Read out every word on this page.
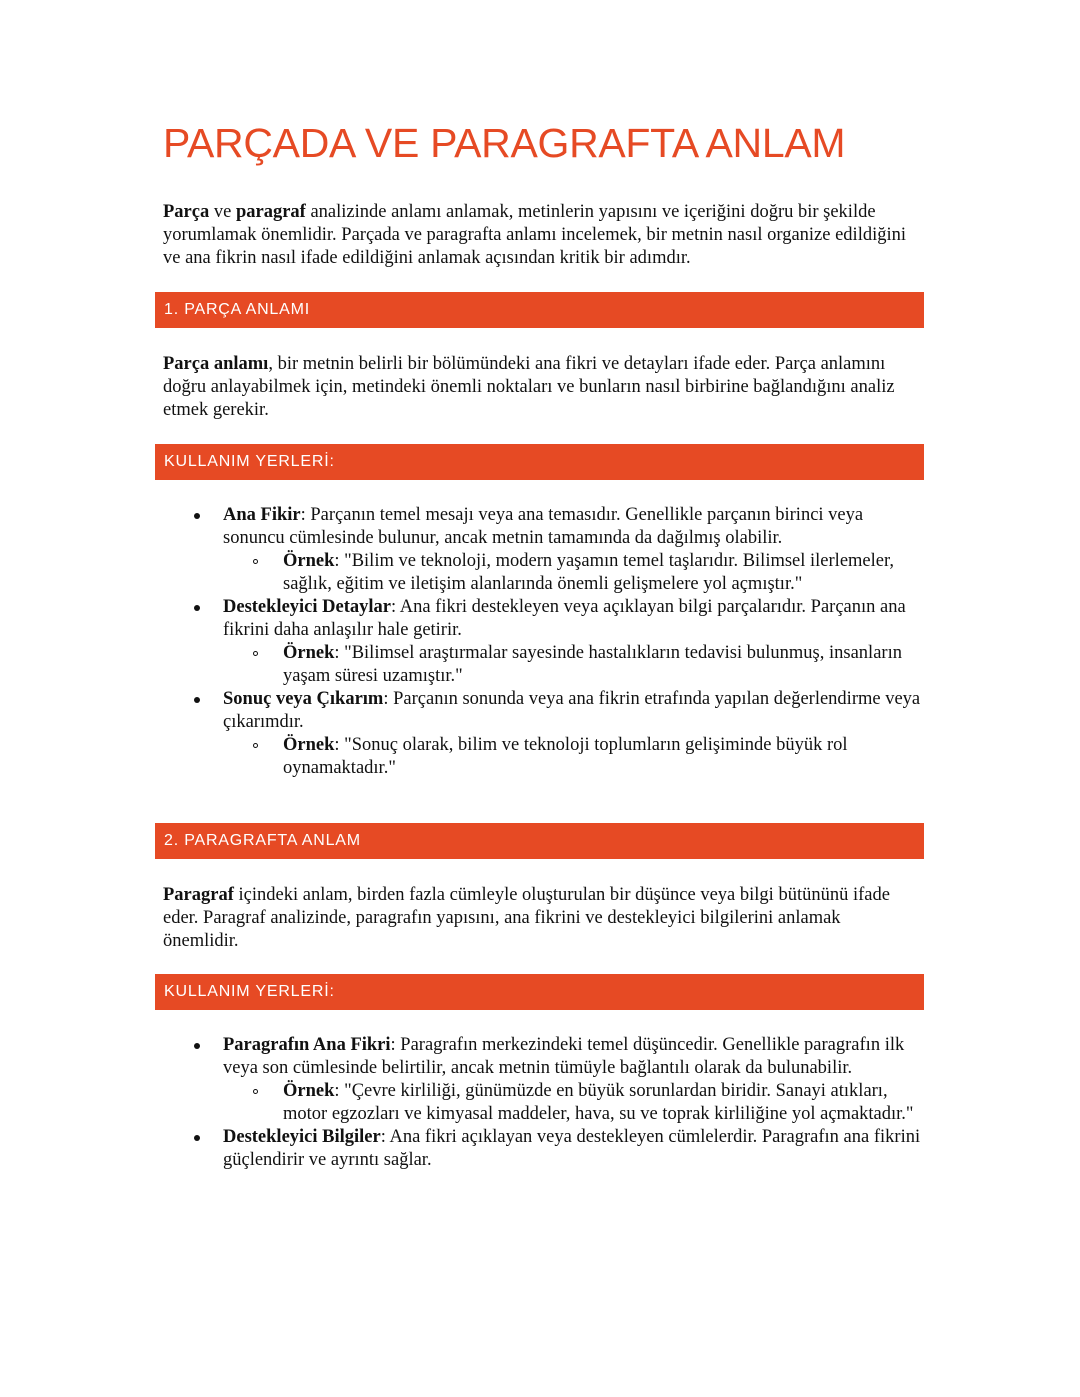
PARÇADA VE PARAGRAFTA ANLAM

Parça ve paragraf analizinde anlamı anlamak, metinlerin yapısını ve içeriğini doğru bir şekilde yorumlamak önemlidir. Parçada ve paragrafta anlamı incelemek, bir metnin nasıl organize edildiğini ve ana fikrin nasıl ifade edildiğini anlamak açısından kritik bir adımdır.

1. PARÇA ANLAMI

Parça anlamı, bir metnin belirli bir bölümündeki ana fikri ve detayları ifade eder. Parça anlamını doğru anlayabilmek için, metindeki önemli noktaları ve bunların nasıl birbirine bağlandığını analiz etmek gerekir.

KULLANIM YERLERİ:
Ana Fikir: Parçanın temel mesajı veya ana temasıdır. Genellikle parçanın birinci veya sonuncu cümlesinde bulunur, ancak metnin tamamında da dağılmış olabilir.
Örnek: "Bilim ve teknoloji, modern yaşamın temel taşlarıdır. Bilimsel ilerlemeler, sağlık, eğitim ve iletişim alanlarında önemli gelişmelere yol açmıştır."
Destekleyici Detaylar: Ana fikri destekleyen veya açıklayan bilgi parçalarıdır. Parçanın ana fikrini daha anlaşılır hale getirir.
Örnek: "Bilimsel araştırmalar sayesinde hastalıkların tedavisi bulunmuş, insanların yaşam süresi uzamıştır."
Sonuç veya Çıkarım: Parçanın sonunda veya ana fikrin etrafında yapılan değerlendirme veya çıkarımdır.
Örnek: "Sonuç olarak, bilim ve teknoloji toplumların gelişiminde büyük rol oynamaktadır."
2. PARAGRAFTA ANLAM

Paragraf içindeki anlam, birden fazla cümleyle oluşturulan bir düşünce veya bilgi bütününü ifade eder. Paragraf analizinde, paragrafın yapısını, ana fikrini ve destekleyici bilgilerini anlamak önemlidir.

KULLANIM YERLERİ:
Paragrafın Ana Fikri: Paragrafın merkezindeki temel düşüncedir. Genellikle paragrafın ilk veya son cümlesinde belirtilir, ancak metnin tümüyle bağlantılı olarak da bulunabilir.
Örnek: "Çevre kirliliği, günümüzde en büyük sorunlardan biridir. Sanayi atıkları, motor egzozları ve kimyasal maddeler, hava, su ve toprak kirliliğine yol açmaktadır."
Destekleyici Bilgiler: Ana fikri açıklayan veya destekleyen cümlelerdir. Paragrafın ana fikrini güçlendirir ve ayrıntı sağlar.
